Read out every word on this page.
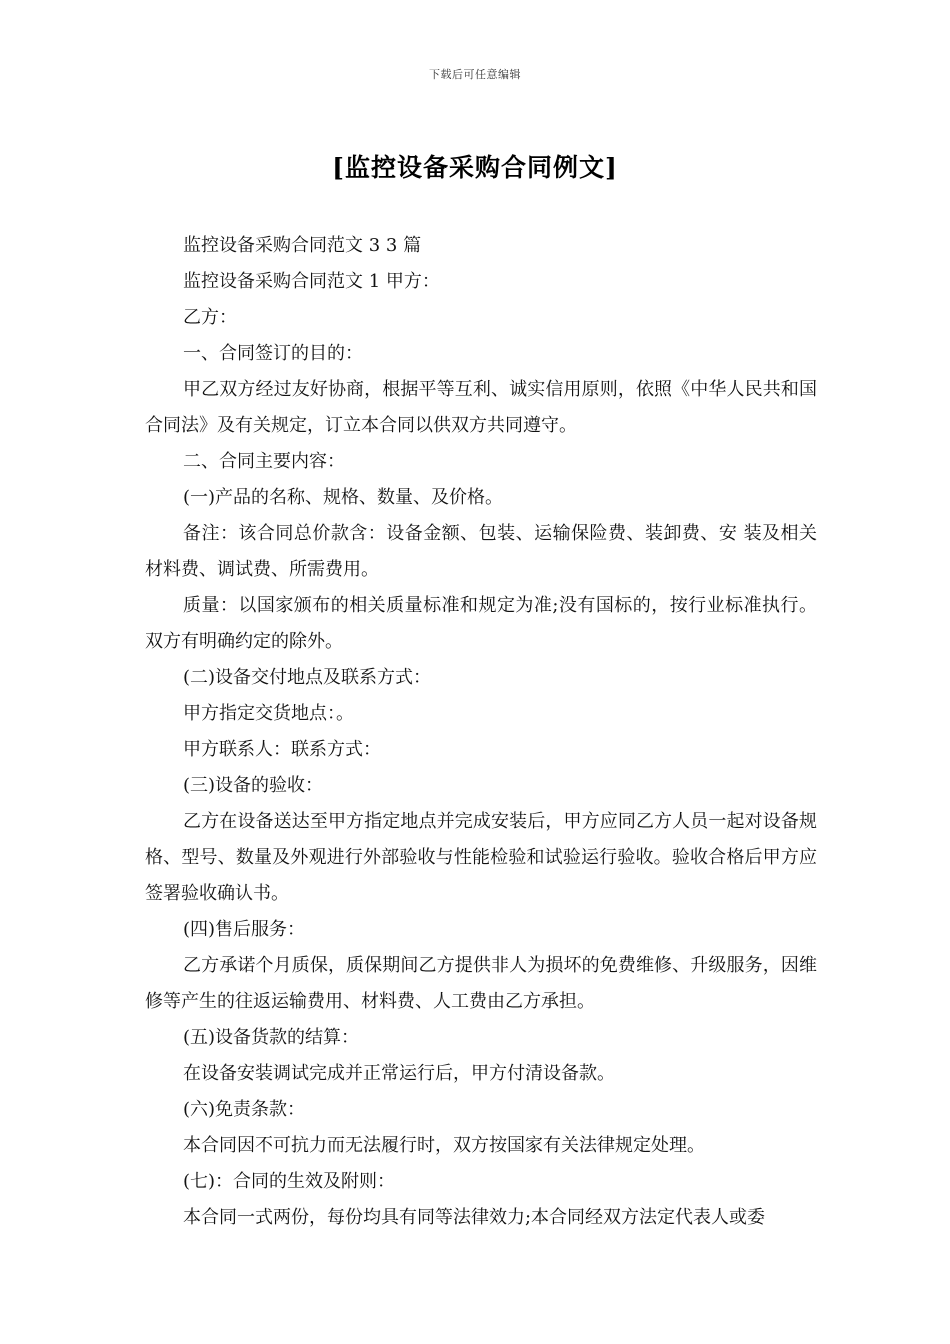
下载后可任意编辑
[监控设备采购合同例文]

监控设备采购合同范文 3 3 篇

监控设备采购合同范文 1 甲方：

乙方：

一、合同签订的目的：

甲乙双方经过友好协商，根据平等互利、诚实信用原则，依照《中华人民共和国合同法》及有关规定，订立本合同以供双方共同遵守。

二、合同主要内容：

(一)产品的名称、规格、数量、及价格。

备注：该合同总价款含：设备金额、包装、运输保险费、装卸费、安 装及相关材料费、调试费、所需费用。

质量：以国家颁布的相关质量标准和规定为准;没有国标的，按行业标准执行。双方有明确约定的除外。

(二)设备交付地点及联系方式：

甲方指定交货地点：。

甲方联系人：联系方式：

(三)设备的验收：

乙方在设备送达至甲方指定地点并完成安装后，甲方应同乙方人员一起对设备规格、型号、数量及外观进行外部验收与性能检验和试验运行验收。验收合格后甲方应签署验收确认书。

(四)售后服务：

乙方承诺个月质保，质保期间乙方提供非人为损坏的免费维修、升级服务，因维修等产生的往返运输费用、材料费、人工费由乙方承担。

(五)设备货款的结算：

在设备安装调试完成并正常运行后，甲方付清设备款。

(六)免责条款：

本合同因不可抗力而无法履行时，双方按国家有关法律规定处理。

(七)：合同的生效及附则：

本合同一式两份，每份均具有同等法律效力;本合同经双方法定代表人或委
